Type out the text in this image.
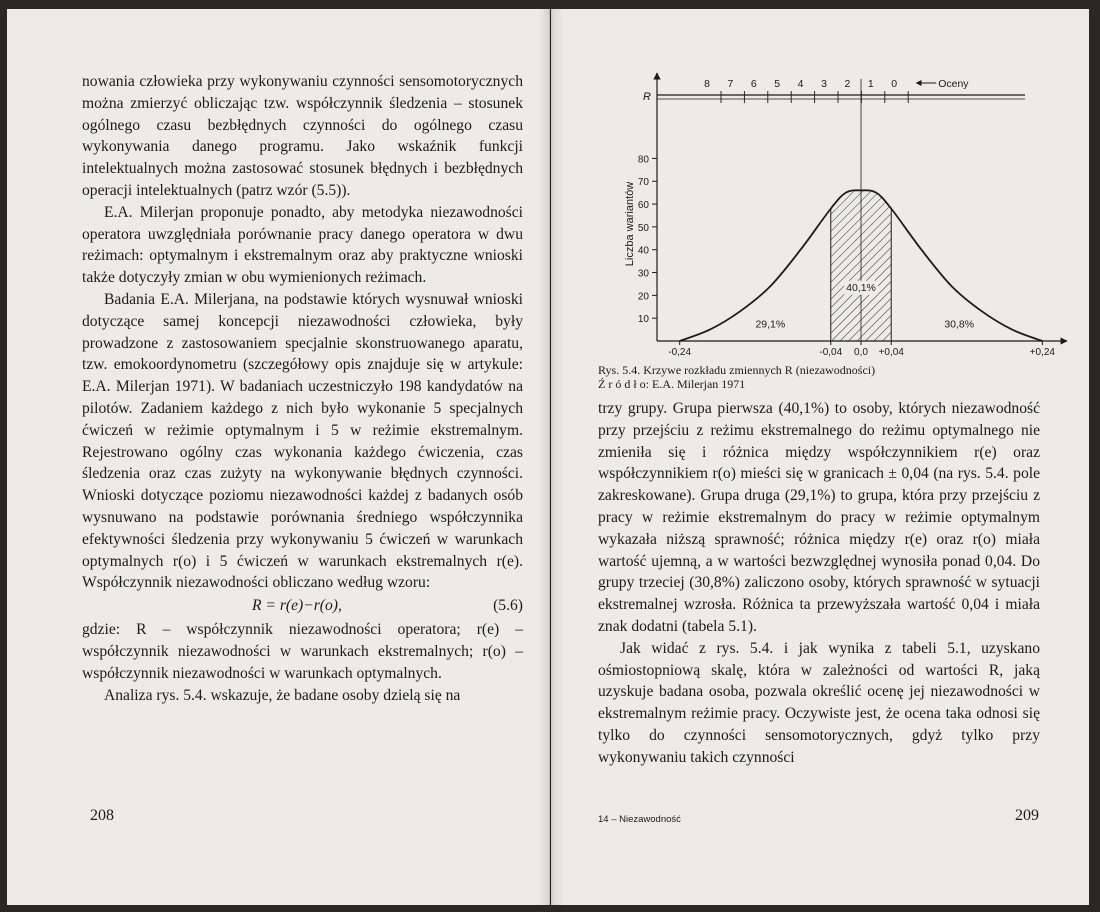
nowania człowieka przy wykonywaniu czynności sensomotorycznych można zmierzyć obliczając tzw. współczynnik śledzenia – stosunek ogólnego czasu bezbłędnych czynności do ogólnego czasu wykonywania danego programu. Jako wskaźnik funkcji intelektualnych można zastosować stosunek błędnych i bezbłędnych operacji intelektualnych (patrz wzór (5.5)).

E.A. Milerjan proponuje ponadto, aby metodyka niezawodności operatora uwzględniała porównanie pracy danego operatora w dwu reżimach: optymalnym i ekstremalnym oraz aby praktyczne wnioski także dotyczyły zmian w obu wymienionych reżimach.

Badania E.A. Milerjana, na podstawie których wysnuwał wnioski dotyczące samej koncepcji niezawodności człowieka, były prowadzone z zastosowaniem specjalnie skonstruowanego aparatu, tzw. emokoordynometru (szczegółowy opis znajduje się w artykule: E.A. Milerjan 1971). W badaniach uczestniczyło 198 kandydatów na pilotów. Zadaniem każdego z nich było wykonanie 5 specjalnych ćwiczeń w reżimie optymalnym i 5 w reżimie ekstremalnym. Rejestrowano ogólny czas wykonania każdego ćwiczenia, czas śledzenia oraz czas zużyty na wykonywanie błędnych czynności. Wnioski dotyczące poziomu niezawodności każdej z badanych osób wysnuwano na podstawie porównania średniego współczynnika efektywności śledzenia przy wykonywaniu 5 ćwiczeń w warunkach optymalnych r(o) i 5 ćwiczeń w warunkach ekstremalnych r(e). Współczynnik niezawodności obliczano według wzoru:

R = r(e)−r(o),	(5.6)

gdzie: R – współczynnik niezawodności operatora; r(e) – współczynnik niezawodności w warunkach ekstremalnych; r(o) – współczynnik niezawodności w warunkach optymalnych.

Analiza rys. 5.4. wskazuje, że badane osoby dzielą się na

208
10
20
30
40
50
60
70
80
Liczba wariantów
R
8 7 6 5 4 3 2 1 0	Oceny
-0,24	-0,04 0,0 +0,04	+0,24
29,1%
40,1%
30,8%
Rys. 5.4. Krzywe rozkładu zmiennych R (niezawodności)
Ź r ó d ł o: E.A. Milerjan 1971

trzy grupy. Grupa pierwsza (40,1%) to osoby, których niezawodność przy przejściu z reżimu ekstremalnego do reżimu optymalnego nie zmieniła się i różnica między współczynnikiem r(e) oraz współczynnikiem r(o) mieści się w granicach ± 0,04 (na rys. 5.4. pole zakreskowane). Grupa druga (29,1%) to grupa, która przy przejściu z pracy w reżimie ekstremalnym do pracy w reżimie optymalnym wykazała niższą sprawność; różnica między r(e) oraz r(o) miała wartość ujemną, a w wartości bezwzględnej wynosiła ponad 0,04. Do grupy trzeciej (30,8%) zaliczono osoby, których sprawność w sytuacji ekstremalnej wzrosła. Różnica ta przewyższała wartość 0,04 i miała znak dodatni (tabela 5.1).

Jak widać z rys. 5.4. i jak wynika z tabeli 5.1, uzyskano ośmiostopniową skalę, która w zależności od wartości R, jaką uzyskuje badana osoba, pozwala określić ocenę jej niezawodności w ekstremalnym reżimie pracy. Oczywiste jest, że ocena taka odnosi się tylko do czynności sensomotorycznych, gdyż tylko przy wykonywaniu takich czynności

14 – Niezawodność	209
